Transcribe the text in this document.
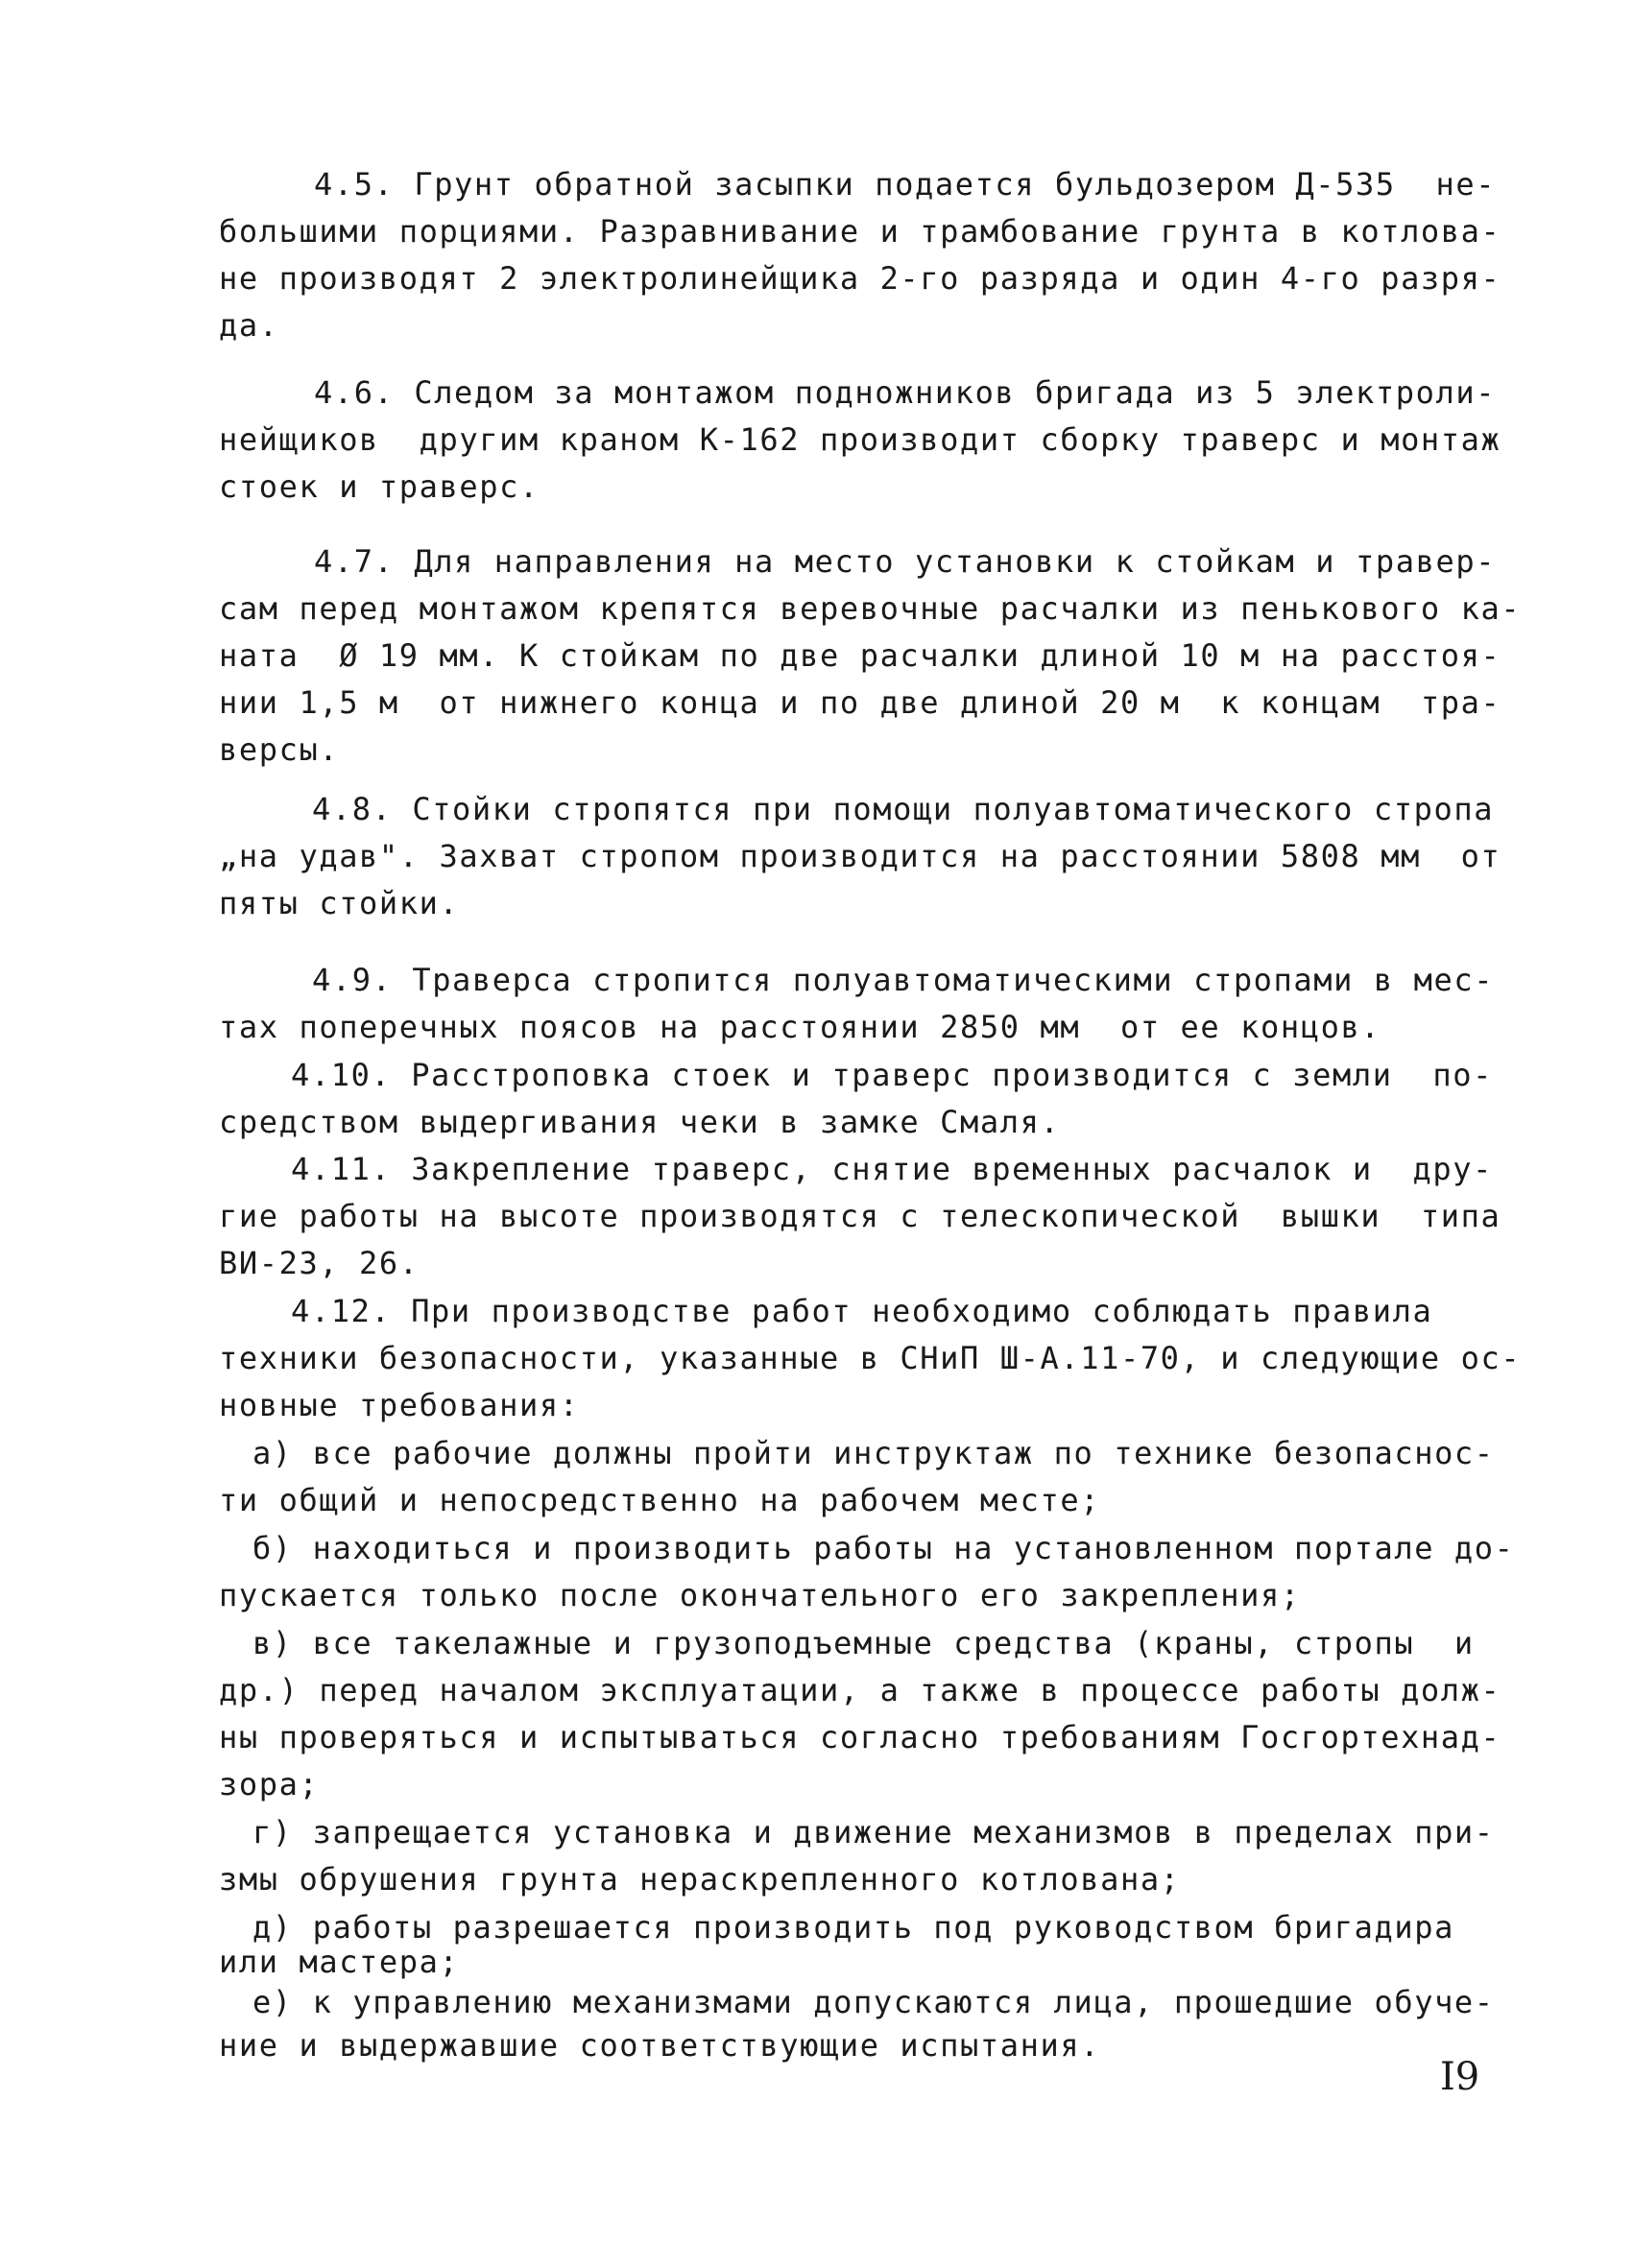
4.5. Грунт обратной засыпки подается бульдозером Д-535  не-
большими порциями. Разравнивание и трамбование грунта в котлова-
не производят 2 электролинейщика 2-го разряда и один 4-го разря-
да.
4.6. Следом за монтажом подножников бригада из 5 электроли-
нейщиков  другим краном К-162 производит сборку траверс и монтаж
стоек и траверс.
4.7. Для направления на место установки к стойкам и травер-
сам перед монтажом крепятся веревочные расчалки из пенькового ка-
ната  Ø 19 мм. К стойкам по две расчалки длиной 10 м на расстоя-
нии 1,5 м  от нижнего конца и по две длиной 20 м  к концам  тра-
версы.
4.8. Стойки стропятся при помощи полуавтоматического стропа
„на удав". Захват стропом производится на расстоянии 5808 мм  от
пяты стойки.
4.9. Траверса стропится полуавтоматическими стропами в мес-
тах поперечных поясов на расстоянии 2850 мм  от ее концов.
4.10. Расстроповка стоек и траверс производится с земли  по-
средством выдергивания чеки в замке Смаля.
4.11. Закрепление траверс, снятие временных расчалок и  дру-
гие работы на высоте производятся с телескопической  вышки  типа
ВИ-23, 26.
4.12. При производстве работ необходимо соблюдать правила
техники безопасности, указанные в СНиП Ш-А.11-70, и следующие ос-
новные требования:
а) все рабочие должны пройти инструктаж по технике безопаснос-
ти общий и непосредственно на рабочем месте;
б) находиться и производить работы на установленном портале до-
пускается только после окончательного его закрепления;
в) все такелажные и грузоподъемные средства (краны, стропы  и
др.) перед началом эксплуатации, а также в процессе работы долж-
ны проверяться и испытываться согласно требованиям Госгортехнад-
зора;
г) запрещается установка и движение механизмов в пределах при-
змы обрушения грунта нераскрепленного котлована;
д) работы разрешается производить под руководством бригадира
или мастера;
е) к управлению механизмами допускаются лица, прошедшие обуче-
ние и выдержавшие соответствующие испытания.
I9
